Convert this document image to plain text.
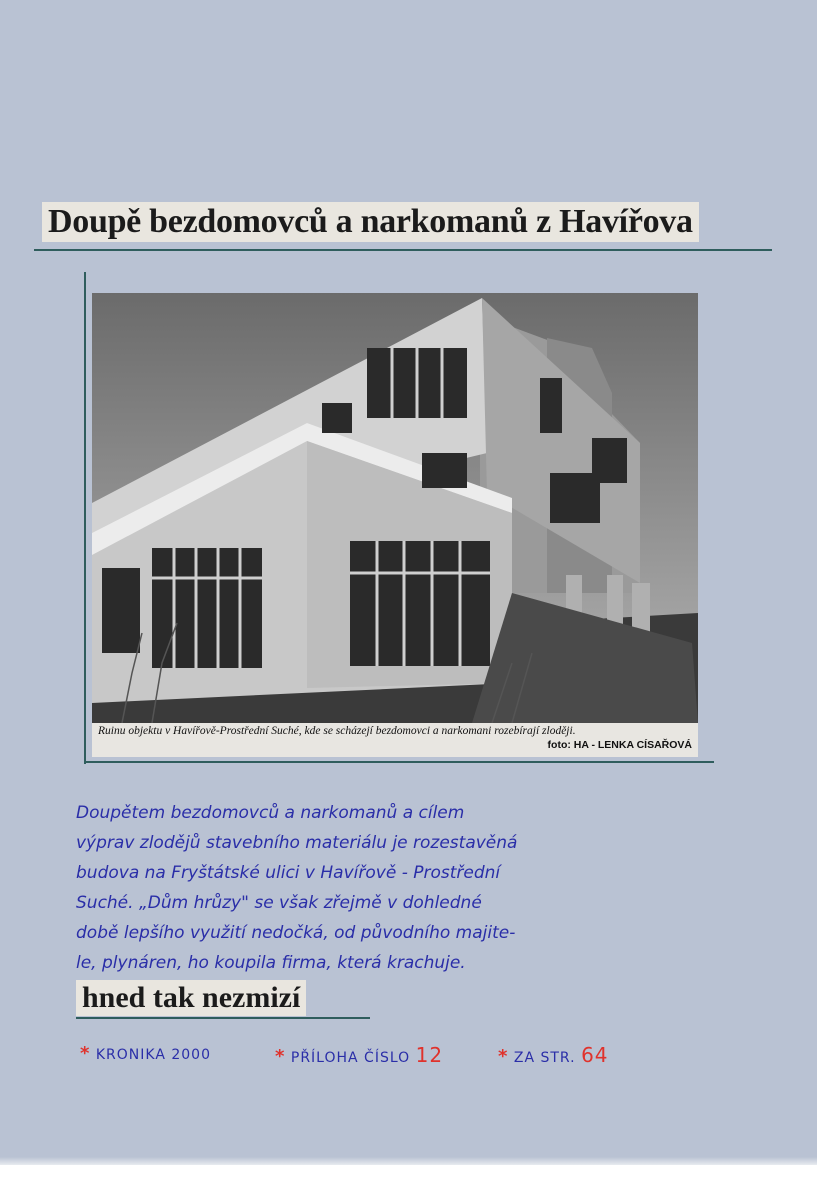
Doupě bezdomovců a narkomanů z Havířova
Ruinu objektu v Havířově-Prostřední Suché, kde se scházejí bezdomovci a narkomani rozebírají zloději.
foto: HA - LENKA CÍSAŘOVÁ
Doupětem bezdomovců a narkomanů a cílem
výprav zlodějů stavebního materiálu je rozestavěná
budova na Fryštátské ulici v Havířově - Prostřední
Suché. „Dům hrůzy" se však zřejmě v dohledné
době lepšího využití nedočká, od původního majite-
le, plynáren, ho koupila firma, která krachuje.
hned tak nezmizí
* KRONIKA 2000	* PŘÍLOHA ČÍSLO 12	* ZA STR. 64
